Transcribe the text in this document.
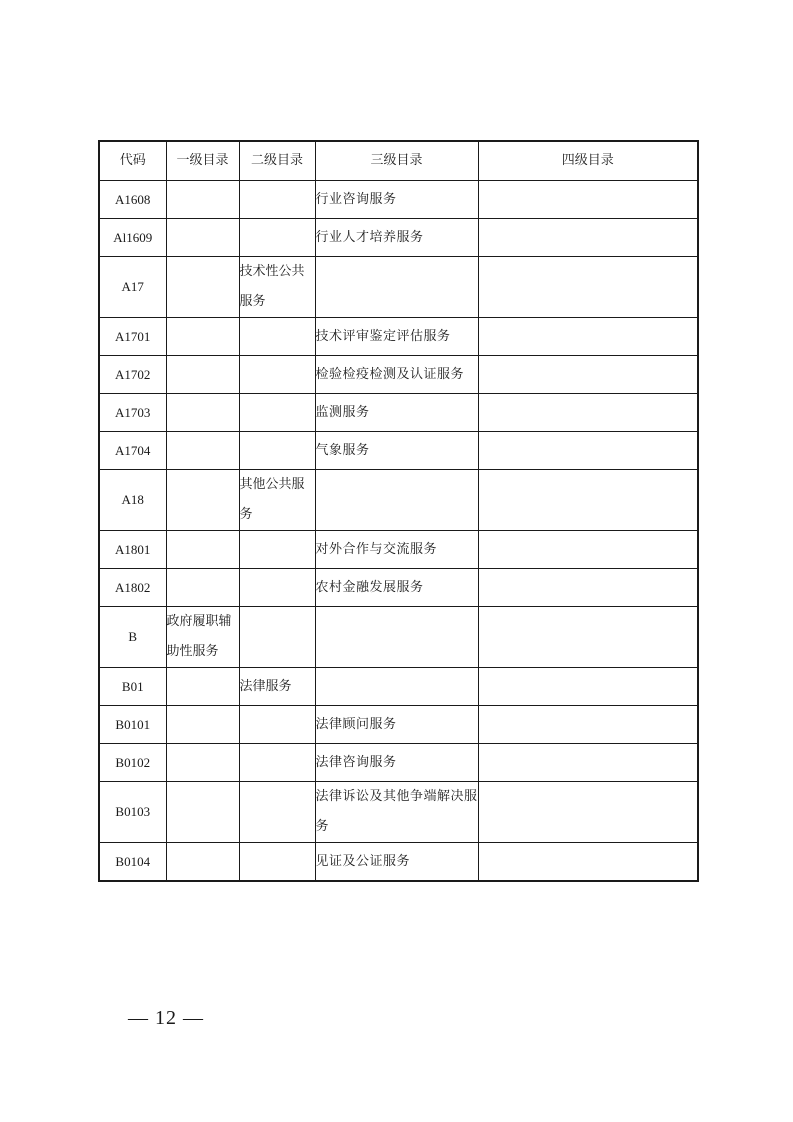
代码	一级目录	二级目录	三级目录	四级目录

A1608			行业咨询服务	

Al1609			行业人才培养服务	

A17		技术性公共服务		

A1701			技术评审鉴定评估服务	

A1702			检验检疫检测及认证服务	

A1703			监测服务	

A1704			气象服务	

A18		其他公共服务		

A1801			对外合作与交流服务	

A1802			农村金融发展服务	

B	政府履职辅助性服务			

B01		法律服务		

B0101			法律顾问服务	

B0102			法律咨询服务	

B0103			法律诉讼及其他争端解决服务	

B0104			见证及公证服务	

— 12 —
